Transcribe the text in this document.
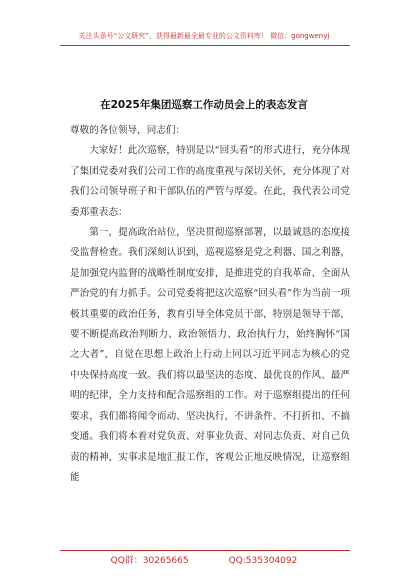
关注头条号“公文研究”，获得最新最全最专业的公文资料库！ 微信：gongwenyj
在2025年集团巡察工作动员会上的表态发言
尊敬的各位领导，同志们：
大家好！此次巡察，特别是以“回头看”的形式进行，充分体现了集团党委对我们公司工作的高度重视与深切关怀，充分体现了对我们公司领导班子和干部队伍的严管与厚爱。在此，我代表公司党委郑重表态：
第一，提高政治站位，坚决贯彻巡察部署，以最诚恳的态度接受监督检查。我们深刻认识到，巡视巡察是党之利器、国之利器，是加强党内监督的战略性制度安排，是推进党的自我革命、全面从严治党的有力抓手。公司党委将把这次巡察“回头看”作为当前一项极其重要的政治任务，教育引导全体党员干部，特别是领导干部，要不断提高政治判断力、政治领悟力、政治执行力，始终胸怀“国之大者”，自觉在思想上政治上行动上同以习近平同志为核心的党中央保持高度一致。我们将以最坚决的态度、最优良的作风、最严明的纪律，全力支持和配合巡察组的工作。对于巡察组提出的任何要求，我们都将闻令而动、坚决执行，不讲条件、不打折扣、不搞变通。我们将本着对党负责、对事业负责、对同志负责、对自己负责的精神，实事求是地汇报工作，客观公正地反映情况，让巡察组能
QQ群：30265665	QQ:535304092
